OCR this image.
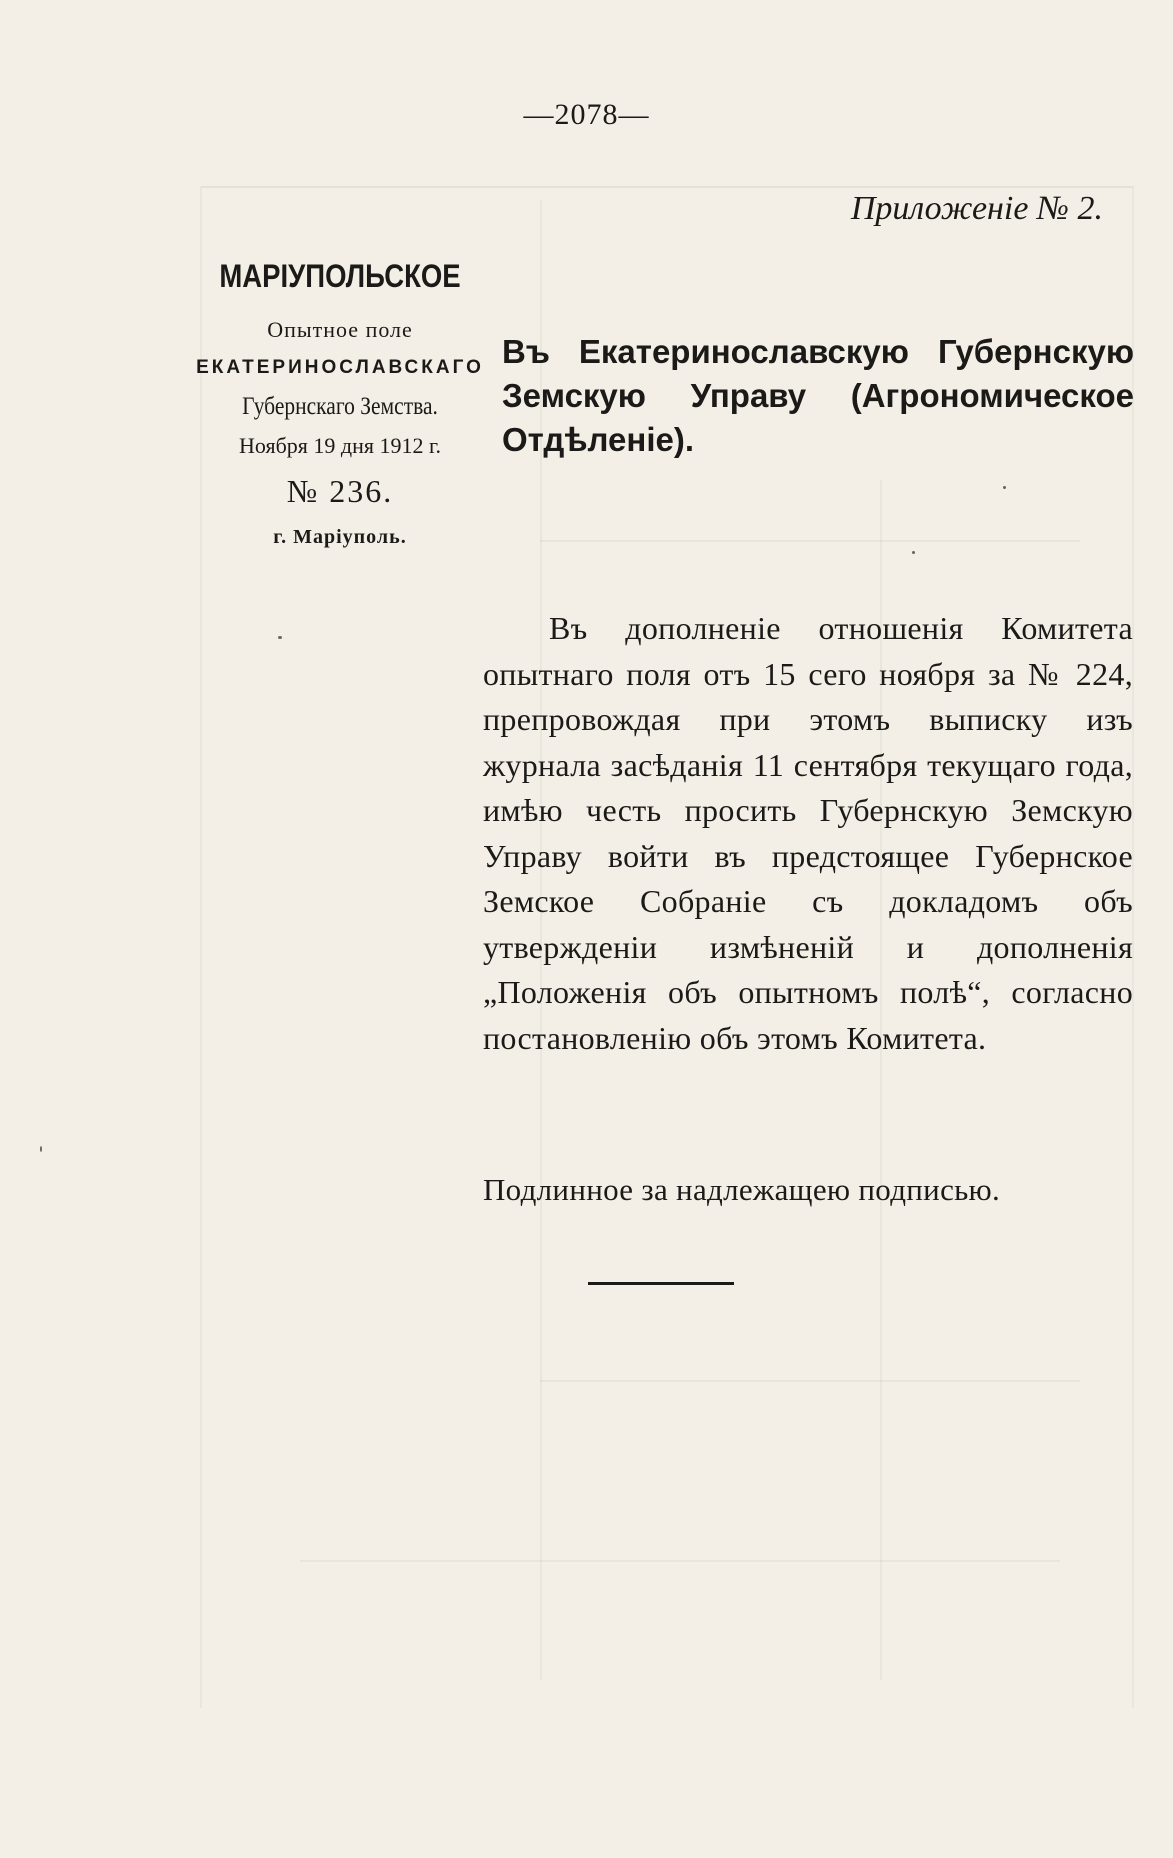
—2078—
Приложеніе № 2.
МАРІУПОЛЬСКОЕ
Опытное поле
ЕКАТЕРИНОСЛАВСКАГО
Губернскаго Земства.
Ноября 19 дня 1912 г.
№ 236.
г. Маріуполь.
Въ Екатеринославскую Губернскую Земскую Управу (Агрономическое Отдѣленіе).
Въ дополненіе отношенія Комитета опытнаго поля отъ 15 сего ноября за № 224, препровождая при этомъ выписку изъ журнала засѣданія 11 сентября текущаго года, имѣю честь просить Губернскую Земскую Управу войти въ предстоящее Губернское Земское Собраніе съ докладомъ объ утвержденіи измѣненій и дополненія „Положенія объ опытномъ полѣ“, согласно постановленію объ этомъ Комитета.
Подлинное за надлежащею подписью.
